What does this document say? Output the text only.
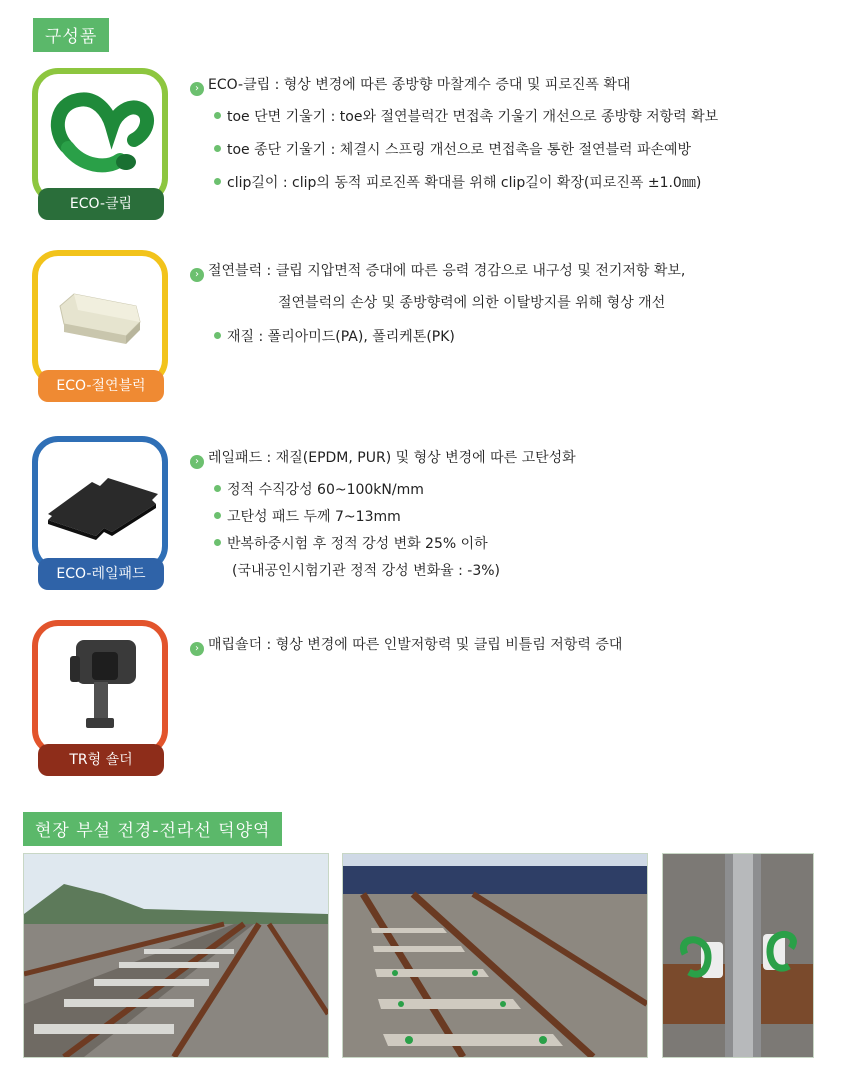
구성품
ECO-클립
› ECO-클립 : 형상 변경에 따른 종방향 마찰계수 증대 및 피로진폭 확대
toe 단면 기울기 : toe와 절연블럭간 면접촉 기울기 개선으로 종방향 저항력 확보
toe 종단 기울기 : 체결시 스프링 개선으로 면접촉을 통한 절연블럭 파손예방
clip길이 : clip의 동적 피로진폭 확대를 위해 clip길이 확장(피로진폭 ±1.0㎜)
ECO-절연블럭
› 절연블럭 : 클립 지압면적 증대에 따른 응력 경감으로 내구성 및 전기저항 확보,
절연블럭의 손상 및 종방향력에 의한 이탈방지를 위해 형상 개선
재질 : 폴리아미드(PA), 폴리케톤(PK)
ECO-레일패드
› 레일패드 : 재질(EPDM, PUR) 및 형상 변경에 따른 고탄성화
정적 수직강성 60~100kN/mm
고탄성 패드 두께 7~13mm
반복하중시험 후 정적 강성 변화 25% 이하
(국내공인시험기관 정적 강성 변화율 : -3%)
TR형 숄더
› 매립숄더 : 형상 변경에 따른 인발저항력 및 클립 비틀림 저항력 증대
현장 부설 전경-전라선 덕양역
